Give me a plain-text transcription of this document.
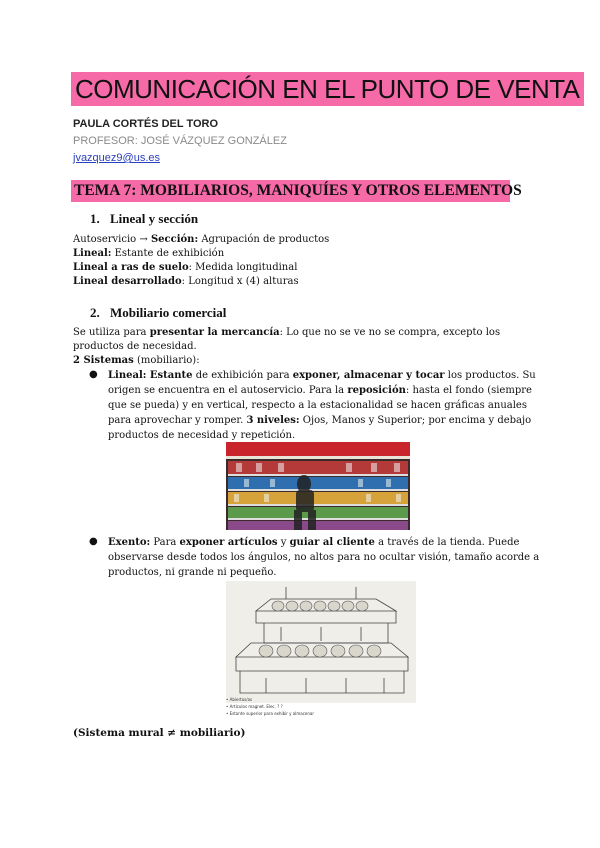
COMUNICACIÓN EN EL PUNTO DE VENTA
PAULA CORTÉS DEL TORO
PROFESOR: JOSÉ VÁZQUEZ GONZÁLEZ
jvazquez9@us.es
TEMA 7: MOBILIARIOS, MANIQUÍES Y OTROS ELEMENTOS
1. Lineal y sección
Autoservicio → Sección: Agrupación de productos
Lineal: Estante de exhibición
Lineal a ras de suelo: Medida longitudinal
Lineal desarrollado: Longitud x (4) alturas
2. Mobiliario comercial
Se utiliza para presentar la mercancía: Lo que no se ve no se compra, excepto los
productos de necesidad.
2 Sistemas (mobiliario):
● Lineal: Estante de exhibición para exponer, almacenar y tocar los productos. Su
origen se encuentra en el autoservicio. Para la reposición: hasta el fondo (siempre
que se pueda) y en vertical, respecto a la estacionalidad se hacen gráficas anuales
para aprovechar y romper. 3 niveles: Ojos, Manos y Superior; por encima y debajo
productos de necesidad y repetición.
● Exento: Para exponer artículos y guiar al cliente a través de la tienda. Puede
observarse desde todos los ángulos, no altos para no ocultar visión, tamaño acorde a
productos, ni grande ni pequeño.
• Abiertos/as
• Artículos magnet. Elec. ? ?
• Estante superior para exhibir y almacenar
(Sistema mural ≠ mobiliario)
